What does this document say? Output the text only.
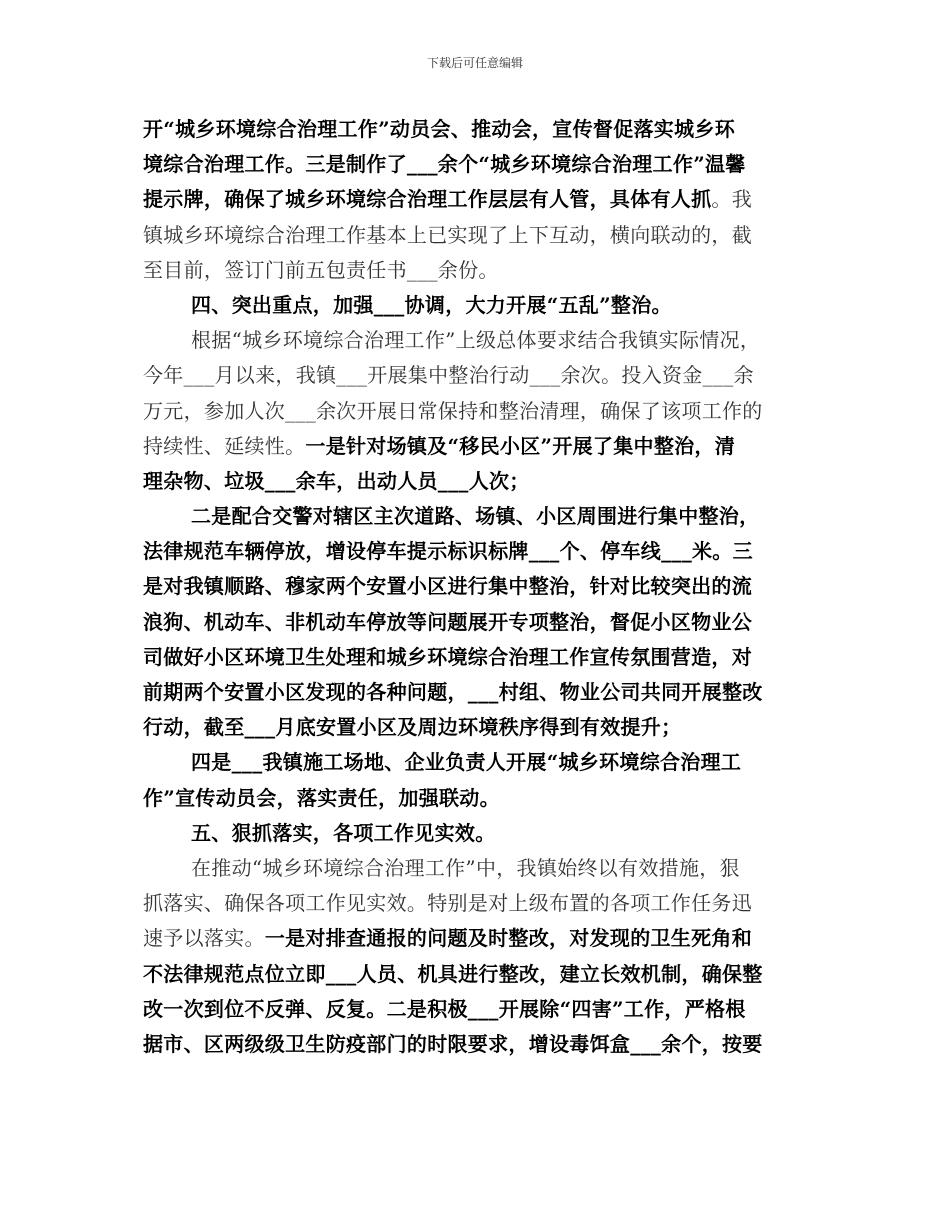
下载后可任意编辑
开“城乡环境综合治理工作”动员会、推动会，宣传督促落实城乡环
境综合治理工作。三是制作了___余个“城乡环境综合治理工作”温馨
提示牌，确保了城乡环境综合治理工作层层有人管，具体有人抓。我
镇城乡环境综合治理工作基本上已实现了上下互动，横向联动的，截
至目前，签订门前五包责任书___余份。
四、突出重点，加强___协调，大力开展“五乱”整治。
根据“城乡环境综合治理工作”上级总体要求结合我镇实际情况，
今年___月以来，我镇___开展集中整治行动___余次。投入资金___余
万元，参加人次___余次开展日常保持和整治清理，确保了该项工作的
持续性、延续性。一是针对场镇及“移民小区”开展了集中整治，清
理杂物、垃圾___余车，出动人员___人次；
二是配合交警对辖区主次道路、场镇、小区周围进行集中整治，
法律规范车辆停放，增设停车提示标识标牌___个、停车线___米。三
是对我镇顺路、穆家两个安置小区进行集中整治，针对比较突出的流
浪狗、机动车、非机动车停放等问题展开专项整治，督促小区物业公
司做好小区环境卫生处理和城乡环境综合治理工作宣传氛围营造，对
前期两个安置小区发现的各种问题，___村组、物业公司共同开展整改
行动，截至___月底安置小区及周边环境秩序得到有效提升；
四是___我镇施工场地、企业负责人开展“城乡环境综合治理工
作”宣传动员会，落实责任，加强联动。
五、狠抓落实，各项工作见实效。
在推动“城乡环境综合治理工作”中，我镇始终以有效措施，狠
抓落实、确保各项工作见实效。特别是对上级布置的各项工作任务迅
速予以落实。一是对排查通报的问题及时整改，对发现的卫生死角和
不法律规范点位立即___人员、机具进行整改，建立长效机制，确保整
改一次到位不反弹、反复。二是积极___开展除“四害”工作，严格根
据市、区两级级卫生防疫部门的时限要求，增设毒饵盒___余个，按要
